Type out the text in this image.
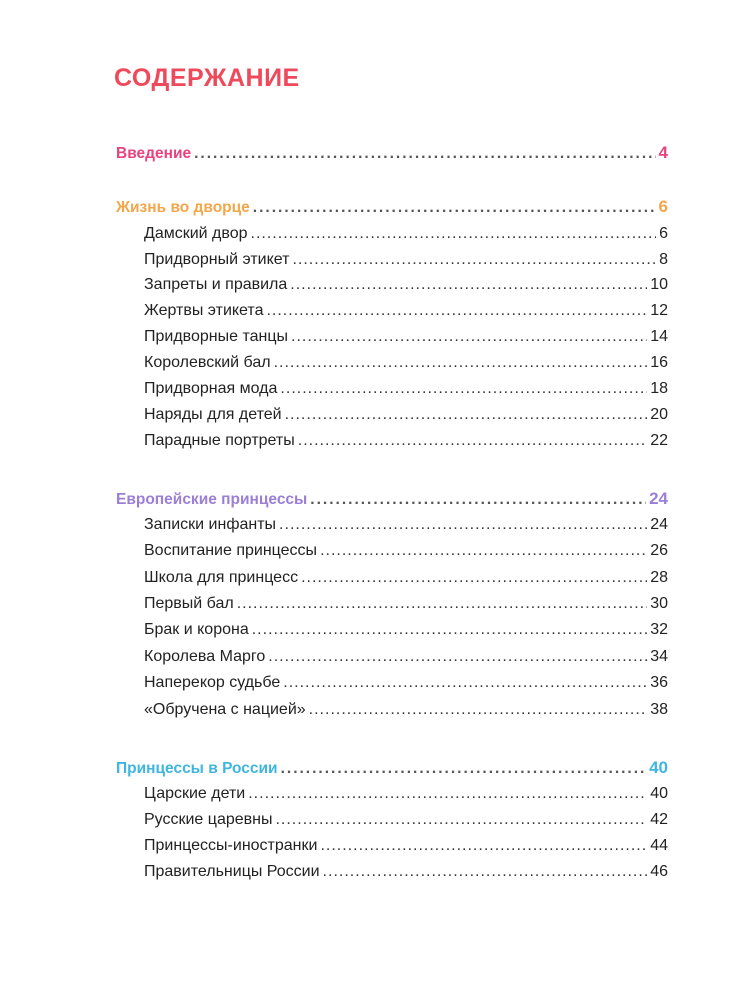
СОДЕРЖАНИЕ
Введение .....	4
Жизнь во дворце .....	6
Дамский двор .....	6
Придворный этикет .....	8
Запреты и правила .....	10
Жертвы этикета .....	12
Придворные танцы .....	14
Королевский бал .....	16
Придворная мода .....	18
Наряды для детей .....	20
Парадные портреты .....	22
Европейские принцессы .....	24
Записки инфанты .....	24
Воспитание принцессы .....	26
Школа для принцесс .....	28
Первый бал .....	30
Брак и корона .....	32
Королева Марго .....	34
Наперекор судьбе .....	36
«Обручена с нацией» .....	38
Принцессы в России .....	40
Царские дети .....	40
Русские царевны .....	42
Принцессы-иностранки .....	44
Правительницы России .....	46
